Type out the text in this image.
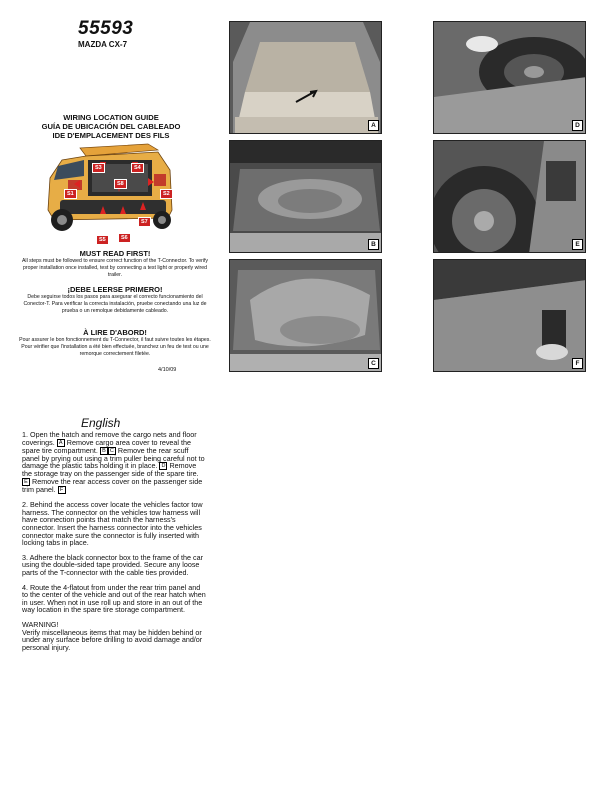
55593
MAZDA CX-7
WIRING LOCATION GUIDE
GUÍA DE UBICACIÓN DEL CABLEADO
IDE D'EMPLACEMENT DES FILS
S3	S4
S8
S1	S2
S5	S6
S7
MUST READ FIRST!
All steps must be followed to ensure correct function of the T-Connector. To verify proper installation once installed, test by connecting a test light or properly wired trailer.
¡DEBE LEERSE PRIMERO!
Debe seguirse todos los pasos para asegurar el correcto funcionamiento del Conector-T. Para verificar la correcta instalación, pruebe conectando una luz de prueba o un remolque debidamente cableado.
À LIRE D'ABORD!
Pour assurer le bon fonctionnement du T-Connector, il faut suivre toutes les étapes. Pour vérifier que l'installation a été bien effectuée, branchez un feu de test ou une remorque correctement filetée.
4/10/09
A
B
C
D
E
F
English

1. Open the hatch and remove the cargo nets and floor coverings. A Remove cargo area cover to reveal the spare tire compartment. B C Remove the rear scuff panel by prying out using a trim puller being careful not to damage the plastic tabs holding it in place. D Remove the storage tray on the passenger side of the spare tire. E Remove the rear access cover on the passenger side trim panel. F

2. Behind the access cover locate the vehicles factor tow harness. The connector on the vehicles tow harness will have connection points that match the harness's connector. Insert the harness connector into the vehicles connector make sure the connector is fully inserted with locking tabs in place.

3. Adhere the black connector box to the frame of the car using the double-sided tape provided. Secure any loose parts of the T-connector with the cable ties provided.

4. Route the 4-flatout from under the rear trim panel and to the center of the vehicle and out of the rear hatch when in user. When not in use roll up and store in an out of the way location in the spare tire storage compartment.

WARNING!

Verify miscellaneous items that may be hidden behind or under any surface before drilling to avoid damage and/or personal injury.
